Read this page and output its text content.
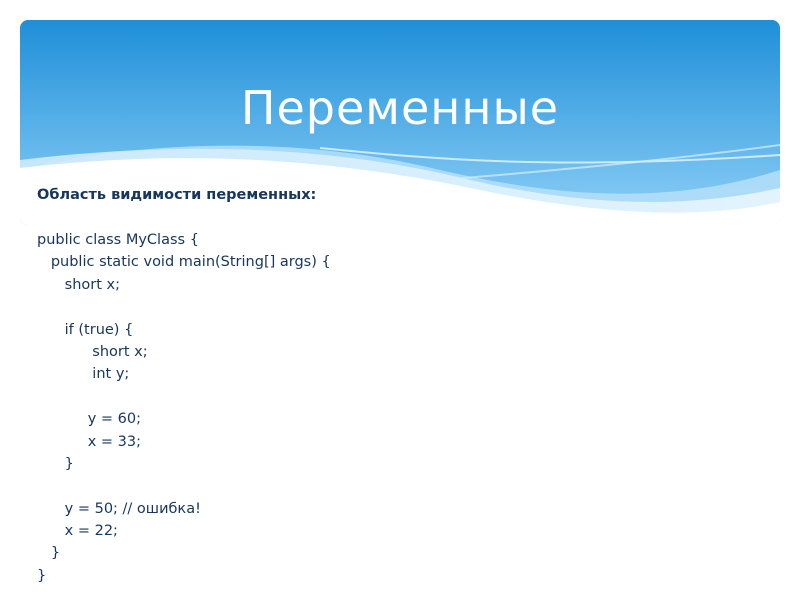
Переменные
Область видимости переменных:
public class MyClass {
public static void main(String[] args) {
short x;
if (true) {
short x;
int y;
y = 60;
x = 33;
}
y = 50; // ошибка!
x = 22;
}
}
